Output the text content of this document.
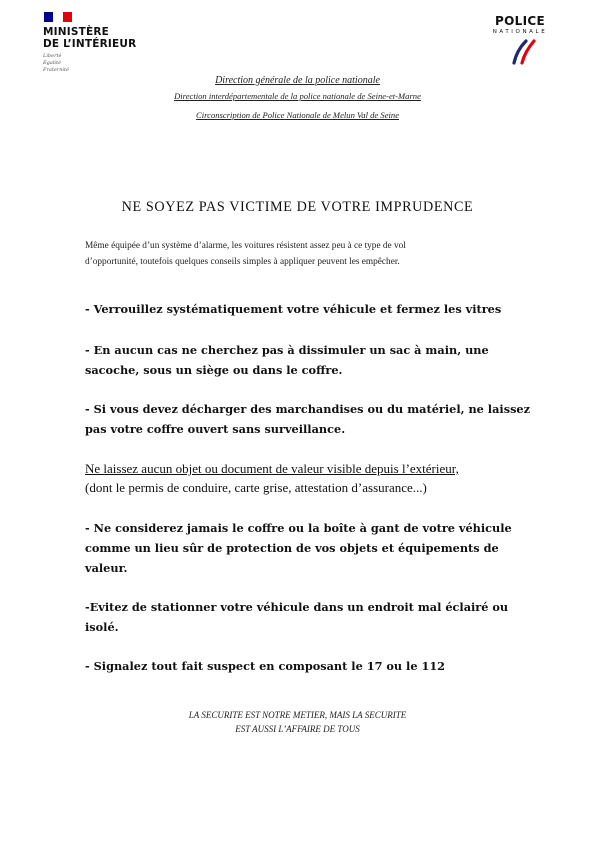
MINISTÈRE
DE L’INTÉRIEUR
Liberté
Égalité
Fraternité
POLICE
NATIONALE
Direction générale de la police nationale
Direction interdépartementale de la police nationale de Seine-et-Marne
Circonscription de Police Nationale de Melun Val de Seine
NE SOYEZ PAS VICTIME DE VOTRE IMPRUDENCE
Même équipée d’un système d’alarme, les voitures résistent assez peu à ce type de vol
d’opportunité, toutefois quelques conseils simples à appliquer peuvent les empêcher.
- Verrouillez systématiquement votre véhicule et fermez les vitres
- En aucun cas ne cherchez pas à dissimuler un sac à main, une
sacoche, sous un siège ou dans le coffre.
- Si vous devez décharger des marchandises ou du matériel, ne laissez
pas votre coffre ouvert sans surveillance.
Ne laissez aucun objet ou document de valeur visible depuis l’extérieur,
(dont le permis de conduire, carte grise, attestation d’assurance...)
- Ne considerez jamais le coffre ou la boîte à gant de votre véhicule
comme un lieu sûr de protection de vos objets et équipements de
valeur.
-Evitez de stationner votre véhicule dans un endroit mal éclairé ou
isolé.
- Signalez tout fait suspect en composant le 17 ou le 112
LA SECURITE EST NOTRE METIER, MAIS LA SECURITE
EST AUSSI L’AFFAIRE DE TOUS
